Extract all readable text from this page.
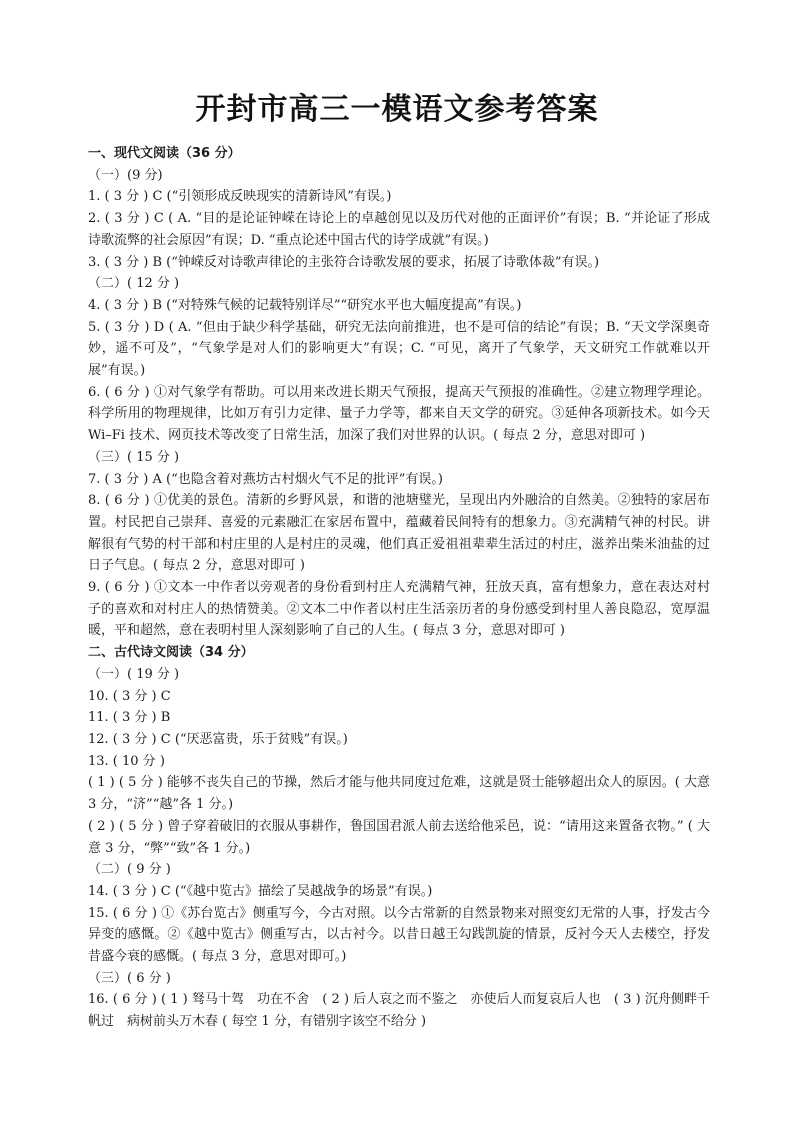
开封市高三一模语文参考答案
一、现代文阅读（36 分）
（一）(9 分)
1. ( 3 分 ) C (“引领形成反映现实的清新诗风”有误。)
2. ( 3 分 ) C ( A. “目的是论证钟嵘在诗论上的卓越创见以及历代对他的正面评价”有误；B. “并论证了形成诗歌流弊的社会原因”有误；D. “重点论述中国古代的诗学成就”有误。)
3. ( 3 分 ) B (“钟嵘反对诗歌声律论的主张符合诗歌发展的要求，拓展了诗歌体裁”有误。)
（二）( 12 分 )
4. ( 3 分 ) B (“对特殊气候的记载特别详尽”“研究水平也大幅度提高”有误。)
5. ( 3 分 ) D ( A. “但由于缺少科学基础，研究无法向前推进，也不是可信的结论”有误；B. “天文学深奥奇妙，遥不可及”，“气象学是对人们的影响更大”有误；C. “可见，离开了气象学，天文研究工作就难以开展”有误。)
6. ( 6 分 ) ①对气象学有帮助。可以用来改进长期天气预报，提高天气预报的准确性。②建立物理学理论。科学所用的物理规律，比如万有引力定律、量子力学等，都来自天文学的研究。③延伸各项新技术。如今天 Wi–Fi 技术、网页技术等改变了日常生活，加深了我们对世界的认识。( 每点 2 分，意思对即可 )
（三）( 15 分 )
7. ( 3 分 ) A (“也隐含着对燕坊古村烟火气不足的批评”有误。)
8. ( 6 分 ) ①优美的景色。清新的乡野风景，和谐的池塘璧光，呈现出内外融洽的自然美。②独特的家居布置。村民把自己崇拜、喜爱的元素融汇在家居布置中，蕴藏着民间特有的想象力。③充满精气神的村民。讲解很有气势的村干部和村庄里的人是村庄的灵魂，他们真正爱祖祖辈辈生活过的村庄，滋养出柴米油盐的过日子气息。( 每点 2 分，意思对即可 )
9. ( 6 分 ) ①文本一中作者以旁观者的身份看到村庄人充满精气神，狂放天真，富有想象力，意在表达对村子的喜欢和对村庄人的热情赞美。②文本二中作者以村庄生活亲历者的身份感受到村里人善良隐忍，宽厚温暖，平和超然，意在表明村里人深刻影响了自己的人生。( 每点 3 分，意思对即可 )
二、古代诗文阅读（34 分）
（一）( 19 分 )
10. ( 3 分 ) C
11. ( 3 分 ) B
12. ( 3 分 ) C (“厌恶富贵，乐于贫贱”有误。)
13. ( 10 分 )
( 1 ) ( 5 分 ) 能够不丧失自己的节操，然后才能与他共同度过危难，这就是贤士能够超出众人的原因。( 大意 3 分，“济”“越”各 1 分。)
( 2 ) ( 5 分 ) 曾子穿着破旧的衣服从事耕作，鲁国国君派人前去送给他采邑，说：“请用这来置备衣物。” ( 大意 3 分，“弊”“致”各 1 分。)
（二）( 9 分 )
14. ( 3 分 ) C (“《越中览古》描绘了吴越战争的场景”有误。)
15. ( 6 分 ) ①《苏台览古》侧重写今，今古对照。以今古常新的自然景物来对照变幻无常的人事，抒发古今异变的感慨。②《越中览古》侧重写古，以古衬今。以昔日越王勾践凯旋的情景，反衬今天人去楼空，抒发昔盛今衰的感慨。( 每点 3 分，意思对即可。)
（三）( 6 分 )
16. ( 6 分 ) ( 1 ) 驽马十驾　功在不舍　( 2 ) 后人哀之而不鉴之　亦使后人而复哀后人也　( 3 ) 沉舟侧畔千帆过　病树前头万木春 ( 每空 1 分，有错别字该空不给分 )
